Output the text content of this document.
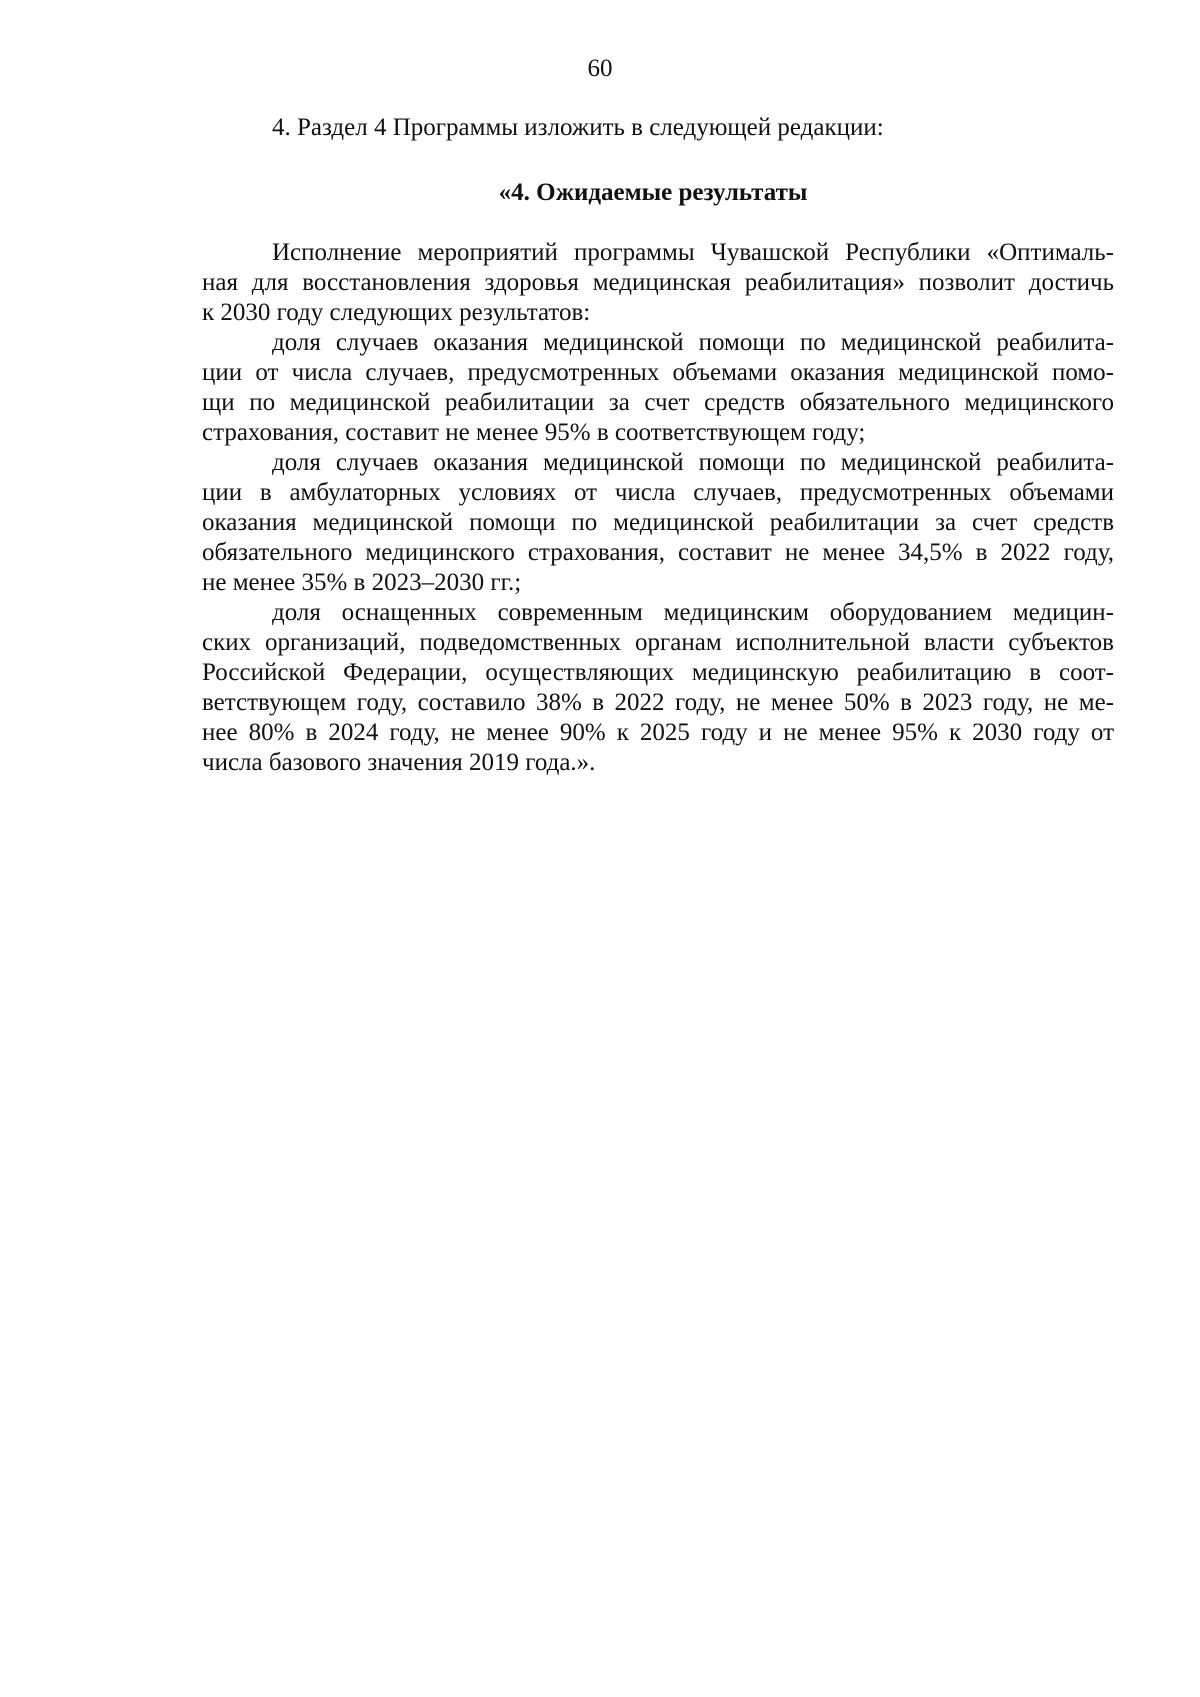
60
4. Раздел 4 Программы изложить в следующей редакции:
«4. Ожидаемые результаты

Исполнение мероприятий программы Чувашской Республики «Оптималь-
ная для восстановления здоровья медицинская реабилитация» позволит достичь
к 2030 году следующих результатов:

доля случаев оказания медицинской помощи по медицинской реабилита-
ции от числа случаев, предусмотренных объемами оказания медицинской помо-
щи по медицинской реабилитации за счет средств обязательного медицинского
страхования, составит не менее 95% в соответствующем году;

доля случаев оказания медицинской помощи по медицинской реабилита-
ции в амбулаторных условиях от числа случаев, предусмотренных объемами
оказания медицинской помощи по медицинской реабилитации за счет средств
обязательного медицинского страхования, составит не менее 34,5% в 2022 году,
не менее 35% в 2023–2030 гг.;

доля оснащенных современным медицинским оборудованием медицин-
ских организаций, подведомственных органам исполнительной власти субъектов
Российской Федерации, осуществляющих медицинскую реабилитацию в соот-
ветствующем году, составило 38% в 2022 году, не менее 50% в 2023 году, не ме-
нее 80% в 2024 году, не менее 90% к 2025 году и не менее 95% к 2030 году от
числа базового значения 2019 года.».
